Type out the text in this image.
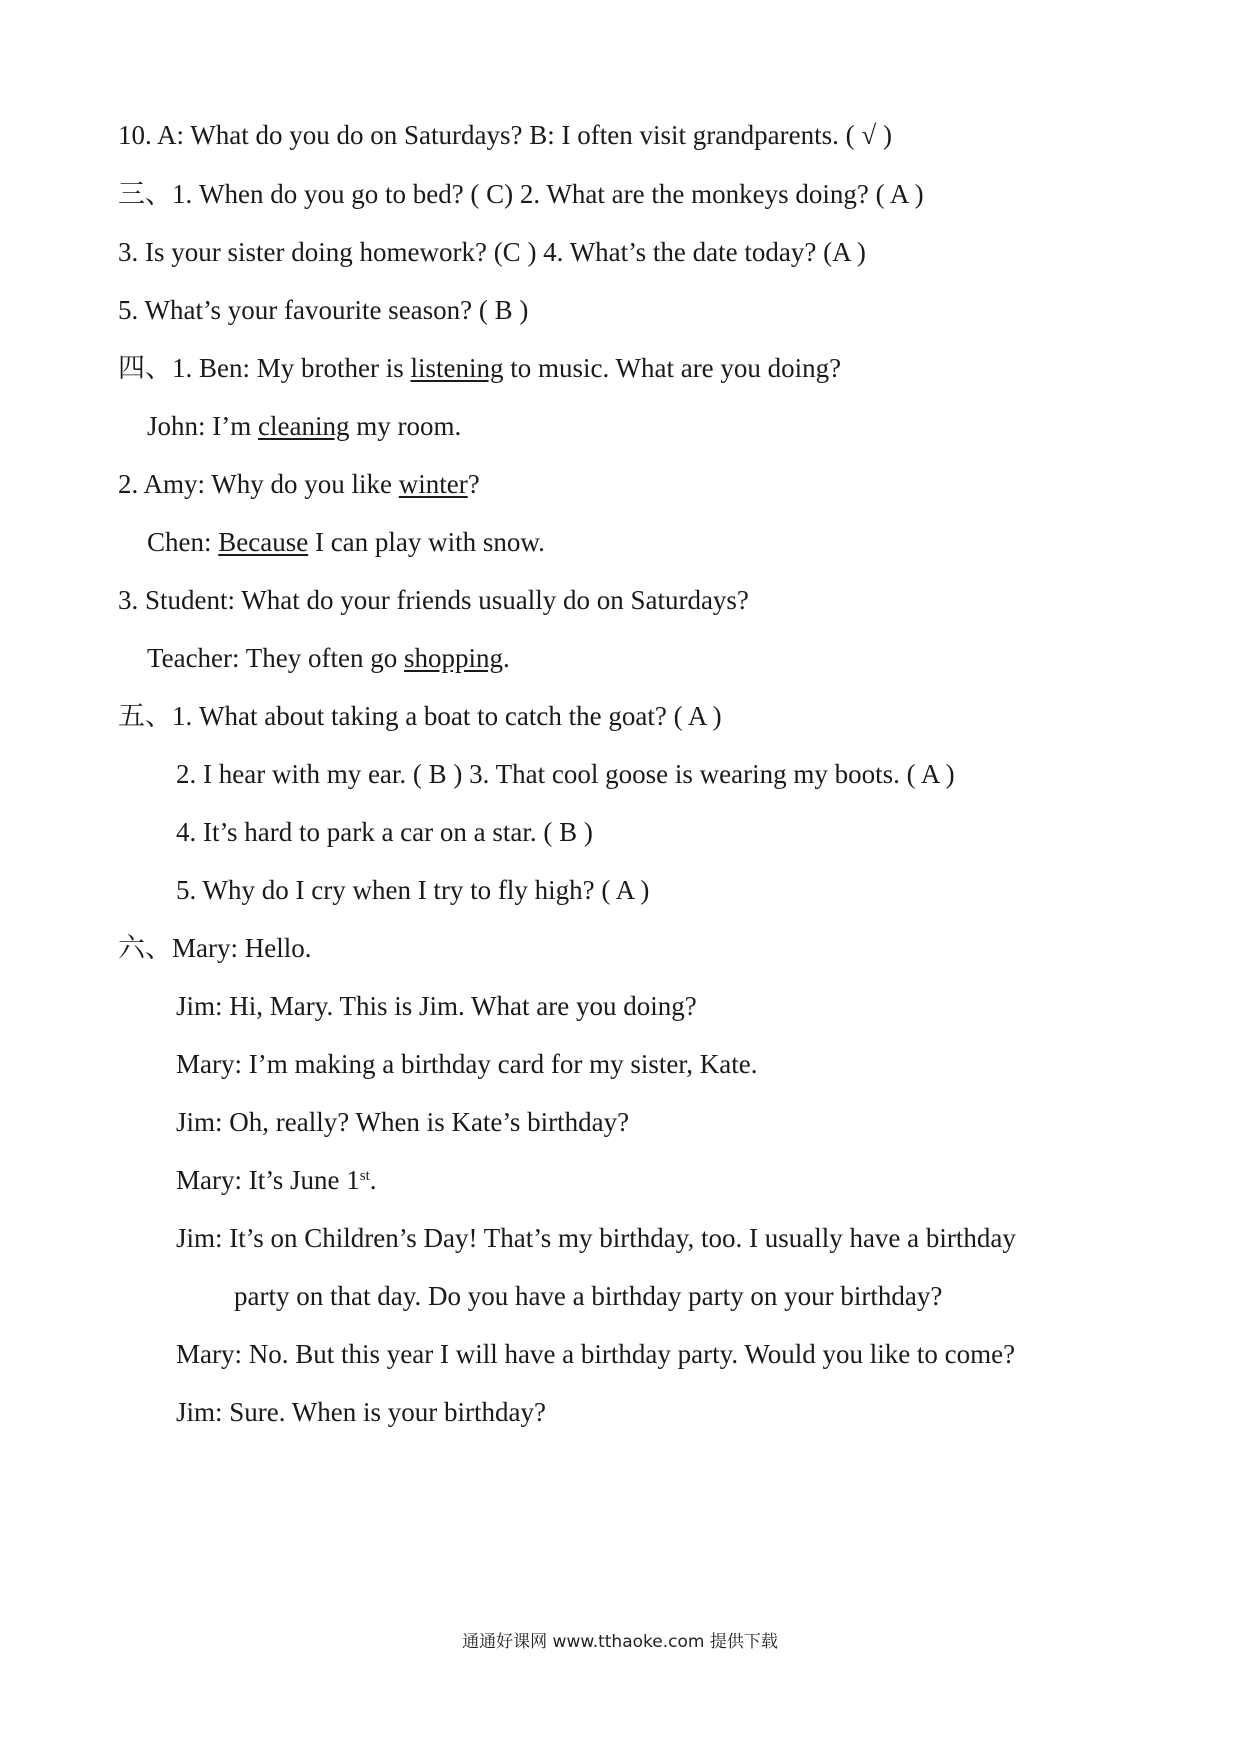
10. A: What do you do on Saturdays? B: I often visit grandparents. ( √ )
三、1. When do you go to bed? ( C) 2. What are the monkeys doing? ( A )
3. Is your sister doing homework? (C ) 4. What’s the date today? (A )
5. What’s your favourite season? ( B )
四、1. Ben: My brother is listening to music. What are you doing?
John: I’m cleaning my room.
2. Amy: Why do you like winter?
Chen: Because I can play with snow.
3. Student: What do your friends usually do on Saturdays?
Teacher: They often go shopping.
五、1. What about taking a boat to catch the goat? ( A )
2. I hear with my ear. ( B ) 3. That cool goose is wearing my boots. ( A )
4. It’s hard to park a car on a star. ( B )
5. Why do I cry when I try to fly high? ( A )
六、Mary: Hello.
Jim: Hi, Mary. This is Jim. What are you doing?
Mary: I’m making a birthday card for my sister, Kate.
Jim: Oh, really? When is Kate’s birthday?
Mary: It’s June 1st.
Jim: It’s on Children’s Day! That’s my birthday, too. I usually have a birthday
party on that day. Do you have a birthday party on your birthday?
Mary: No. But this year I will have a birthday party. Would you like to come?
Jim: Sure. When is your birthday?
通通好课网 www.tthaoke.com 提供下载
